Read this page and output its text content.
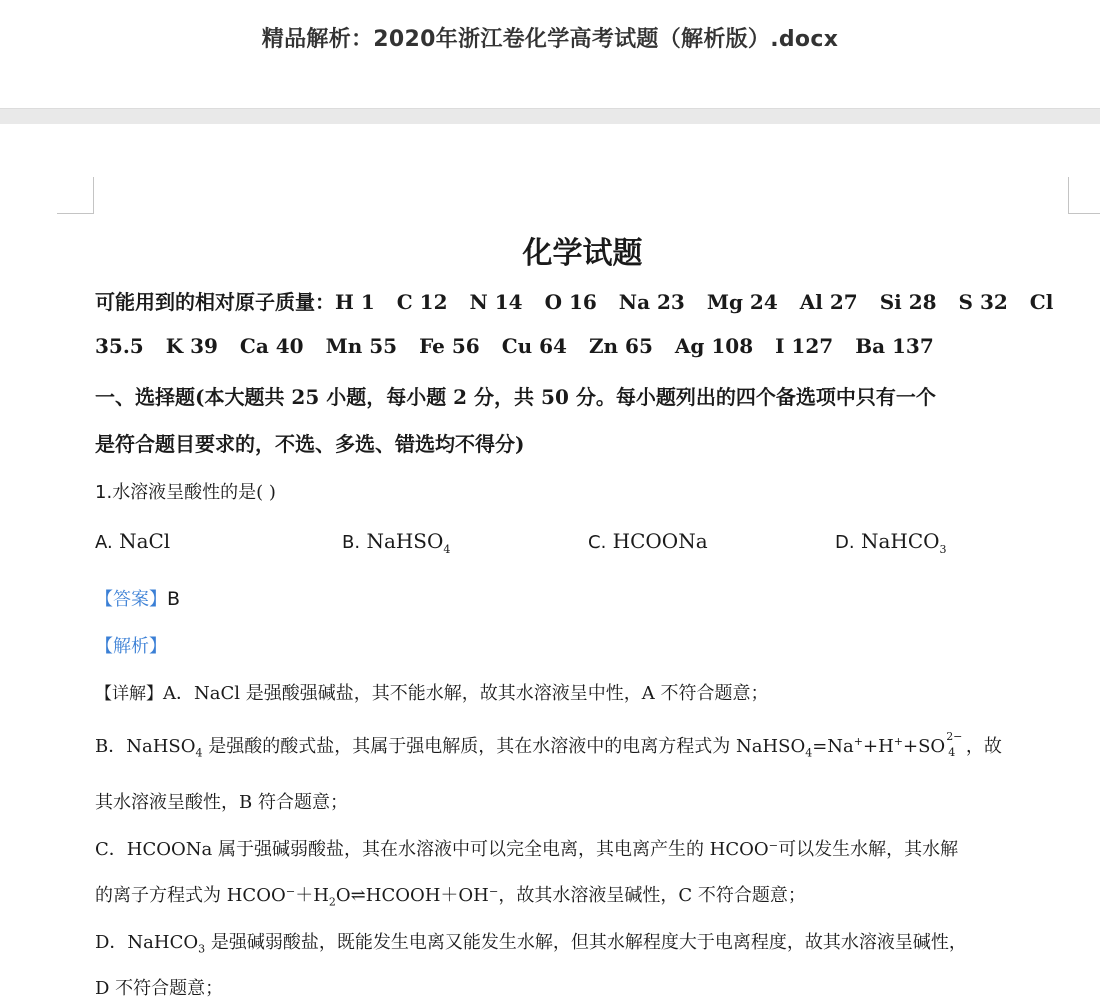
精品解析：2020年浙江卷化学高考试题（解析版）.docx
化学试题
可能用到的相对原子质量：H 1 C 12 N 14 O 16 Na 23 Mg 24 Al 27 Si 28 S 32 Cl
35.5 K 39 Ca 40 Mn 55 Fe 56 Cu 64 Zn 65 Ag 108 I 127 Ba 137
一、选择题(本大题共 25 小题，每小题 2 分，共 50 分。每小题列出的四个备选项中只有一个
是符合题目要求的，不选、多选、错选均不得分)
1.水溶液呈酸性的是( )
A. NaCl	B. NaHSO$_4$	C. HCOONa	D. NaHCO$_3$
【答案】B
【解析】
【详解】A．NaCl 是强酸强碱盐，其不能水解，故其水溶液呈中性，A 不符合题意；
B．NaHSO$_4$ 是强酸的酸式盐，其属于强电解质，其在水溶液中的电离方程式为 NaHSO$_4$=Na++H++SO 2−
4 ，故
其水溶液呈酸性，B 符合题意；
C．HCOONa 属于强碱弱酸盐，其在水溶液中可以完全电离，其电离产生的 HCOO⁻可以发生水解，其水解
的离子方程式为 $HCOO^-+H_2O\rightleftharpoons HCOOH+OH^-$，故其水溶液呈碱性，C 不符合题意；
D．NaHCO$_3$ 是强碱弱酸盐，既能发生电离又能发生水解，但其水解程度大于电离程度，故其水溶液呈碱性，
D 不符合题意；
